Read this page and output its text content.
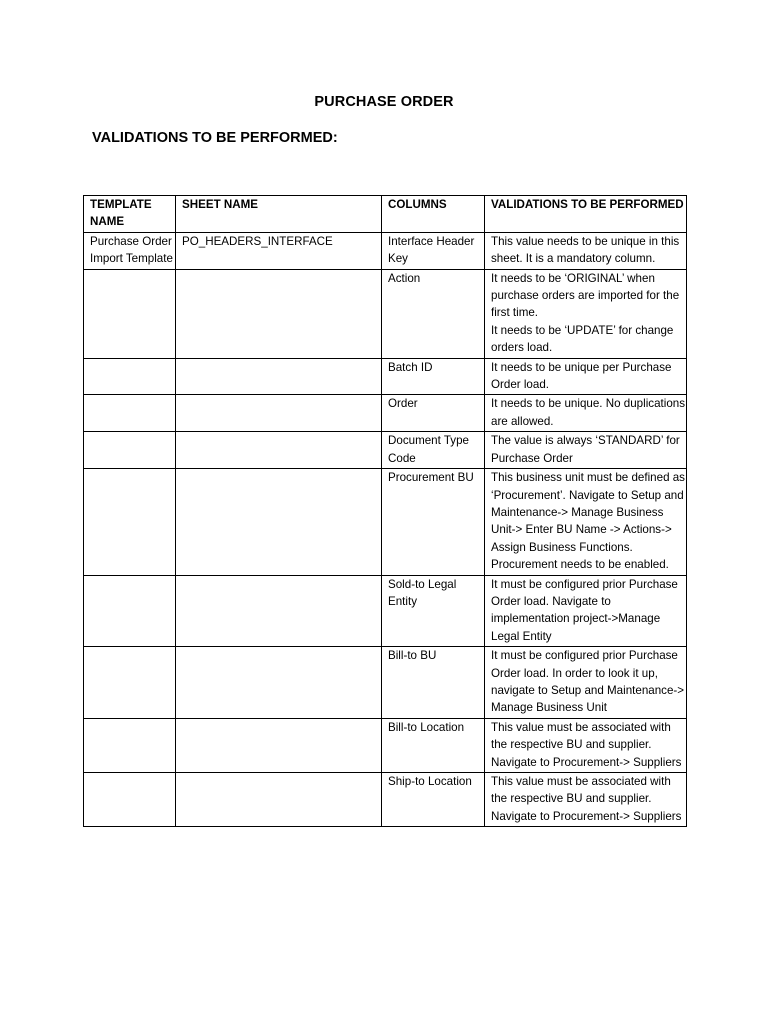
PURCHASE ORDER
VALIDATIONS TO BE PERFORMED:
TEMPLATE NAME	SHEET NAME	COLUMNS	VALIDATIONS TO BE PERFORMED
Purchase Order Import Template	PO_HEADERS_INTERFACE	Interface Header Key	This value needs to be unique in this sheet. It is a mandatory column.

		Action	It needs to be ‘ORIGINAL’ when purchase orders are imported for the first time.
It needs to be ‘UPDATE’ for change orders load.

		Batch ID	It needs to be unique per Purchase Order load.

		Order	It needs to be unique. No duplications are allowed.

		Document Type Code	The value is always ‘STANDARD’ for Purchase Order

		Procurement BU	This business unit must be defined as ‘Procurement’. Navigate to Setup and Maintenance-> Manage Business Unit-> Enter BU Name -> Actions-> Assign Business Functions. Procurement needs to be enabled.

		Sold-to Legal Entity	It must be configured prior Purchase Order load. Navigate to implementation project->Manage Legal Entity

		Bill-to BU	It must be configured prior Purchase Order load. In order to look it up, navigate to Setup and Maintenance-> Manage Business Unit

		Bill-to Location	This value must be associated with the respective BU and supplier. Navigate to Procurement-> Suppliers

		Ship-to Location	This value must be associated with the respective BU and supplier. Navigate to Procurement-> Suppliers
